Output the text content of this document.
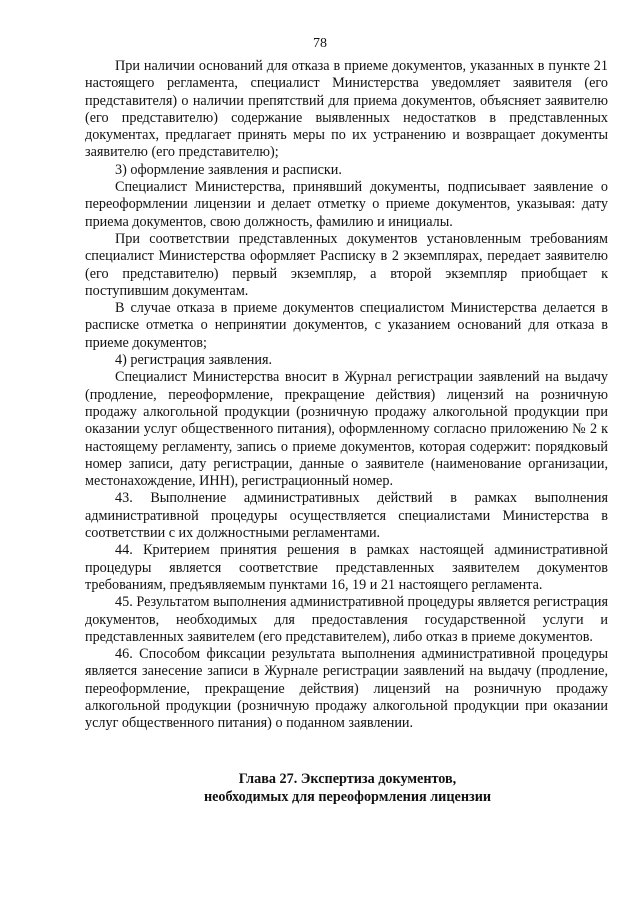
78

При наличии оснований для отказа в приеме документов, указанных в пункте 21 настоящего регламента, специалист Министерства уведомляет заявителя (его представителя) о наличии препятствий для приема документов, объясняет заявителю (его представителю) содержание выявленных недостатков в представленных документах, предлагает принять меры по их устранению и возвращает документы заявителю (его представителю);

3) оформление заявления и расписки.

Специалист Министерства, принявший документы, подписывает заявление о переоформлении лицензии и делает отметку о приеме документов, указывая: дату приема документов, свою должность, фамилию и инициалы.

При соответствии представленных документов установленным требованиям специалист Министерства оформляет Расписку в 2 экземплярах, передает заявителю (его представителю) первый экземпляр, а второй экземпляр приобщает к поступившим документам.

В случае отказа в приеме документов специалистом Министерства делается в расписке отметка о непринятии документов, с указанием оснований для отказа в приеме документов;

4) регистрация заявления.

Специалист Министерства вносит в Журнал регистрации заявлений на выдачу (продление, переоформление, прекращение действия) лицензий на розничную продажу алкогольной продукции (розничную продажу алкогольной продукции при оказании услуг общественного питания), оформленному согласно приложению № 2 к настоящему регламенту, запись о приеме документов, которая содержит: порядковый номер записи, дату регистрации, данные о заявителе (наименование организации, местонахождение, ИНН), регистрационный номер.

43. Выполнение административных действий в рамках выполнения административной процедуры осуществляется специалистами Министерства в соответствии с их должностными регламентами.

44. Критерием принятия решения в рамках настоящей административной процедуры является соответствие представленных заявителем документов требованиям, предъявляемым пунктами 16, 19 и 21 настоящего регламента.

45. Результатом выполнения административной процедуры является регистрация документов, необходимых для предоставления государственной услуги и представленных заявителем (его представителем), либо отказ в приеме документов.

46. Способом фиксации результата выполнения административной процедуры является занесение записи в Журнале регистрации заявлений на выдачу (продление, переоформление, прекращение действия) лицензий на розничную продажу алкогольной продукции (розничную продажу алкогольной продукции при оказании услуг общественного питания) о поданном заявлении.

Глава 27. Экспертиза документов,
необходимых для переоформления лицензии
